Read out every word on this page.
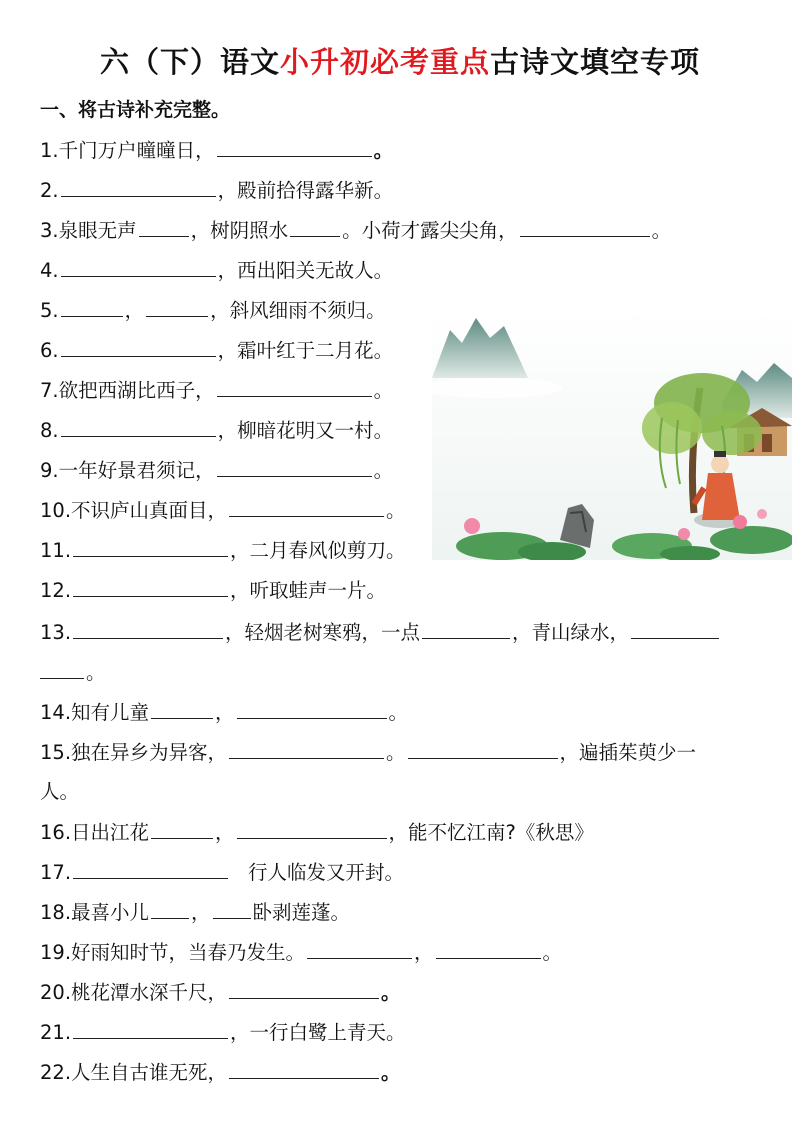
六（下）语文小升初必考重点古诗文填空专项
一、将古诗补充完整。
1.千门万户曈曈日，	。
2.	，殿前拾得露华新。
3.泉眼无声	，树阴照水	。小荷才露尖尖角，	。
4.	，西出阳关无故人。
5.	，	，斜风细雨不须归。
6.	，霜叶红于二月花。
7.欲把西湖比西子，	。
8.	，柳暗花明又一村。
9.一年好景君须记，	。
10.不识庐山真面目，	。
11.	，二月春风似剪刀。
12.	，听取蛙声一片。
13.	，轻烟老树寒鸦，一点	，青山绿水，
。
14.知有儿童	，	。
15.独在异乡为异客，	。	，遍插茱萸少一
人。
16.日出江花	，	，能不忆江南?《秋思》
17.	行人临发又开封。
18.最喜小儿 ， 卧剥莲蓬。
19.好雨知时节，当春乃发生。	，	。
20.桃花潭水深千尺，	。
21.	，一行白鹭上青天。
22.人生自古谁无死，	。
